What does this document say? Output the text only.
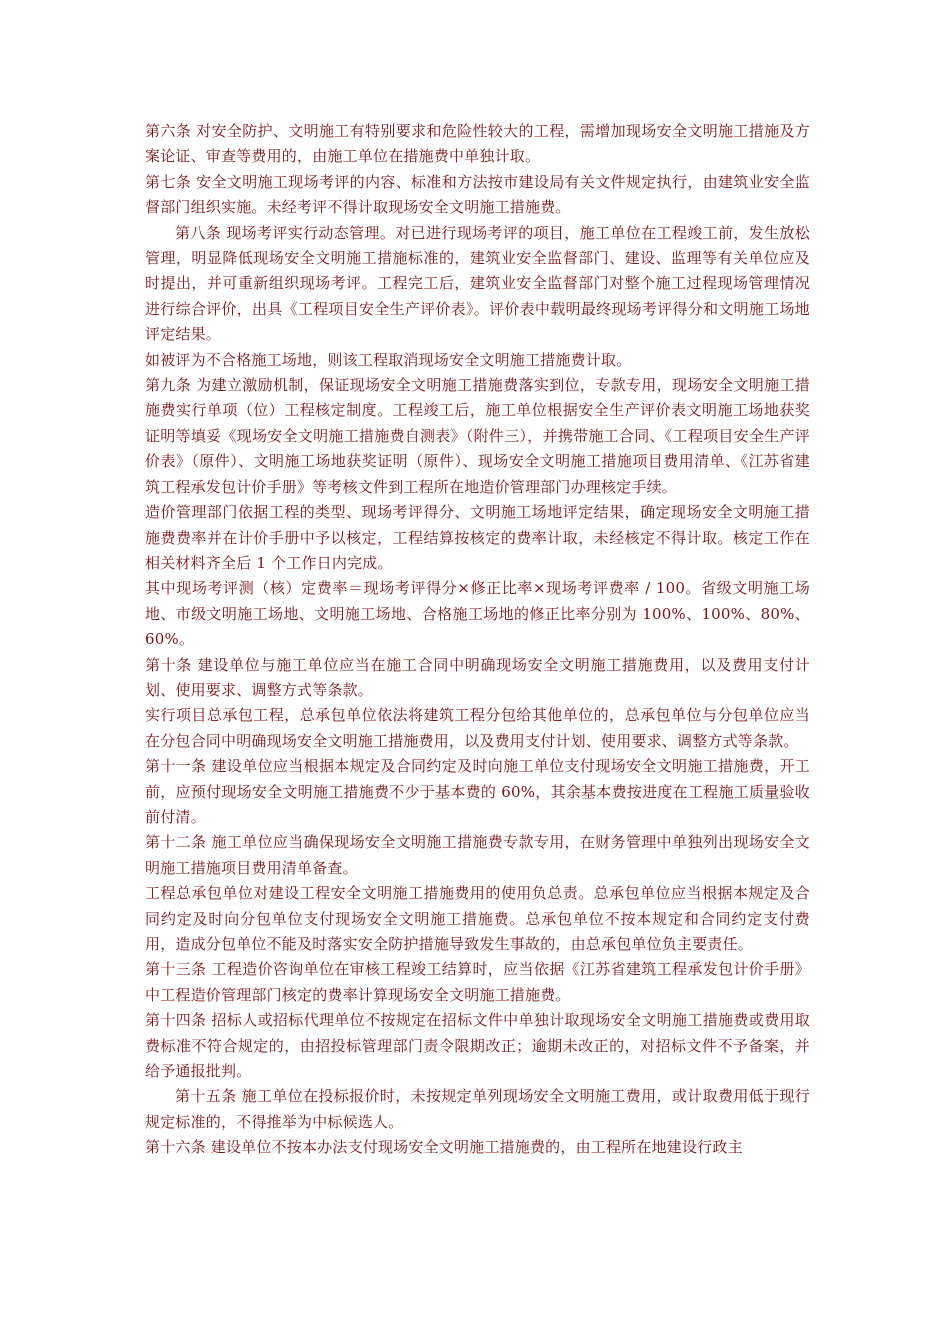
第六条 对安全防护、文明施工有特别要求和危险性较大的工程，需增加现场安全文明施工措施及方案论证、审查等费用的，由施工单位在措施费中单独计取。

第七条 安全文明施工现场考评的内容、标准和方法按市建设局有关文件规定执行，由建筑业安全监督部门组织实施。未经考评不得计取现场安全文明施工措施费。

第八条 现场考评实行动态管理。对已进行现场考评的项目，施工单位在工程竣工前，发生放松管理，明显降低现场安全文明施工措施标准的，建筑业安全监督部门、建设、监理等有关单位应及时提出，并可重新组织现场考评。工程完工后，建筑业安全监督部门对整个施工过程现场管理情况进行综合评价，出具《工程项目安全生产评价表》。评价表中载明最终现场考评得分和文明施工场地评定结果。

如被评为不合格施工场地，则该工程取消现场安全文明施工措施费计取。

第九条 为建立激励机制，保证现场安全文明施工措施费落实到位，专款专用，现场安全文明施工措施费实行单项（位）工程核定制度。工程竣工后，施工单位根据安全生产评价表文明施工场地获奖证明等填妥《现场安全文明施工措施费自测表》（附件三），并携带施工合同、《工程项目安全生产评价表》（原件）、文明施工场地获奖证明（原件）、现场安全文明施工措施项目费用清单、《江苏省建筑工程承发包计价手册》等考核文件到工程所在地造价管理部门办理核定手续。

造价管理部门依据工程的类型、现场考评得分、文明施工场地评定结果，确定现场安全文明施工措施费费率并在计价手册中予以核定，工程结算按核定的费率计取，未经核定不得计取。核定工作在相关材料齐全后 1 个工作日内完成。

其中现场考评测（核）定费率＝现场考评得分×修正比率×现场考评费率 / 100。省级文明施工场地、市级文明施工场地、文明施工场地、合格施工场地的修正比率分别为 100%、100%、80%、60%。

第十条 建设单位与施工单位应当在施工合同中明确现场安全文明施工措施费用，以及费用支付计划、使用要求、调整方式等条款。

实行项目总承包工程，总承包单位依法将建筑工程分包给其他单位的，总承包单位与分包单位应当在分包合同中明确现场安全文明施工措施费用，以及费用支付计划、使用要求、调整方式等条款。

第十一条 建设单位应当根据本规定及合同约定及时向施工单位支付现场安全文明施工措施费，开工前，应预付现场安全文明施工措施费不少于基本费的 60%，其余基本费按进度在工程施工质量验收前付清。

第十二条 施工单位应当确保现场安全文明施工措施费专款专用，在财务管理中单独列出现场安全文明施工措施项目费用清单备查。

工程总承包单位对建设工程安全文明施工措施费用的使用负总责。总承包单位应当根据本规定及合同约定及时向分包单位支付现场安全文明施工措施费。总承包单位不按本规定和合同约定支付费用，造成分包单位不能及时落实安全防护措施导致发生事故的，由总承包单位负主要责任。

第十三条 工程造价咨询单位在审核工程竣工结算时，应当依据《江苏省建筑工程承发包计价手册》中工程造价管理部门核定的费率计算现场安全文明施工措施费。

第十四条 招标人或招标代理单位不按规定在招标文件中单独计取现场安全文明施工措施费或费用取费标准不符合规定的，由招投标管理部门责令限期改正；逾期未改正的，对招标文件不予备案，并给予通报批判。

第十五条 施工单位在投标报价时，未按规定单列现场安全文明施工费用，或计取费用低于现行规定标准的，不得推举为中标候选人。

第十六条 建设单位不按本办法支付现场安全文明施工措施费的，由工程所在地建设行政主
